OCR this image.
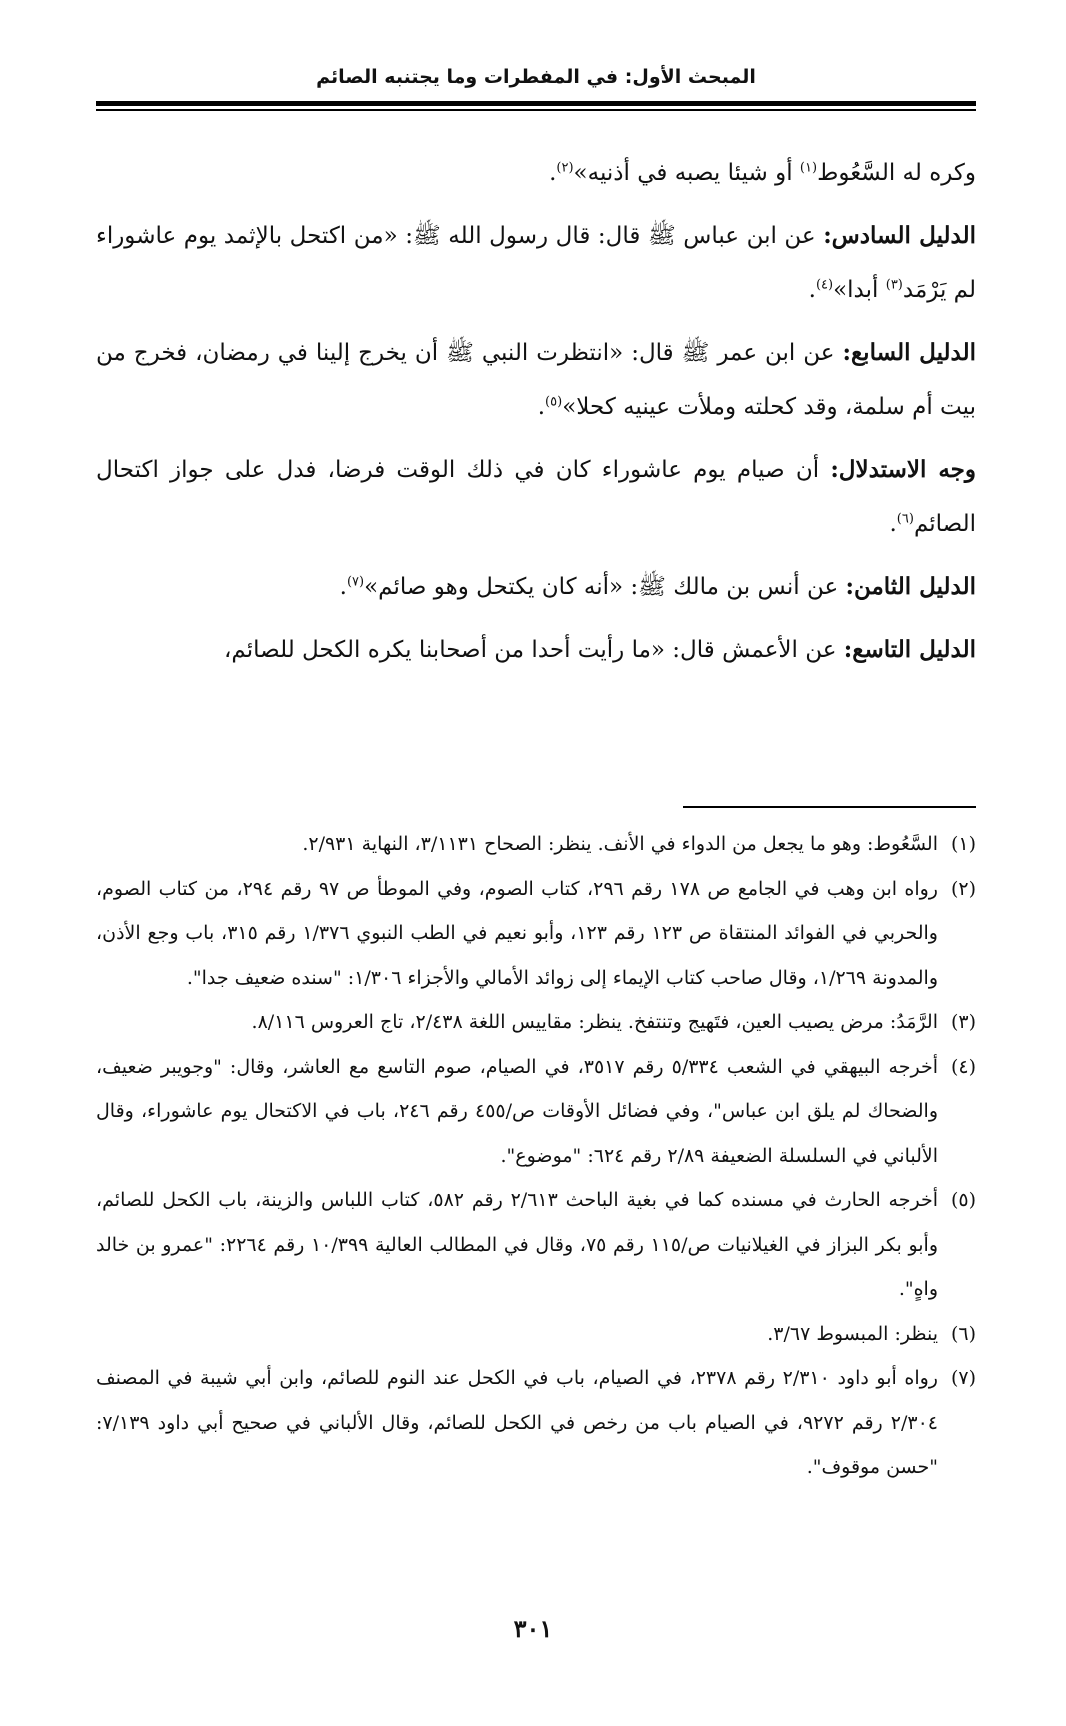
المبحث الأول: في المفطرات وما يجتنبه الصائم

وكره له السَّعُوط$^{(١)}$ أو شيئا يصبه في أذنيه»$^{(٢)}$.

الدليل السادس: عن ابن عباس ﷺ قال: قال رسول الله ﷺ: «من اكتحل بالإثمد يوم عاشوراء لم يَرْمَد$^{(٣)}$ أبدا»$^{(٤)}$.

الدليل السابع: عن ابن عمر ﷺ قال: «انتظرت النبي ﷺ أن يخرج إلينا في رمضان، فخرج من بيت أم سلمة، وقد كحلته وملأت عينيه كحلا»$^{(٥)}$.

وجه الاستدلال: أن صيام يوم عاشوراء كان في ذلك الوقت فرضا، فدل على جواز اكتحال الصائم$^{(٦)}$.

الدليل الثامن: عن أنس بن مالك ﷺ: «أنه كان يكتحل وهو صائم»$^{(٧)}$.

الدليل التاسع: عن الأعمش قال: «ما رأيت أحدا من أصحابنا يكره الكحل للصائم،

(١)
السَّعُوط: وهو ما يجعل من الدواء في الأنف. ينظر: الصحاح ٣/١١٣١، النهاية ٢/٩٣١.
(٢)
رواه ابن وهب في الجامع ص ١٧٨ رقم ٢٩٦، كتاب الصوم، وفي الموطأ ص ٩٧ رقم ٢٩٤، من كتاب الصوم، والحربي في الفوائد المنتقاة ص ١٢٣ رقم ١٢٣، وأبو نعيم في الطب النبوي ١/٣٧٦ رقم ٣١٥، باب وجع الأذن، والمدونة ١/٢٦٩، وقال صاحب كتاب الإيماء إلى زوائد الأمالي والأجزاء ١/٣٠٦: "سنده ضعيف جدا".
(٣)
الرَّمَدُ: مرض يصيب العين، فتَهيج وتنتفخ. ينظر: مقاييس اللغة ٢/٤٣٨، تاج العروس ٨/١١٦.
(٤)
أخرجه البيهقي في الشعب ٥/٣٣٤ رقم ٣٥١٧، في الصيام، صوم التاسع مع العاشر، وقال: "وجويبر ضعيف، والضحاك لم يلق ابن عباس"، وفي فضائل الأوقات ص/٤٥٥ رقم ٢٤٦، باب في الاكتحال يوم عاشوراء، وقال الألباني في السلسلة الضعيفة ٢/٨٩ رقم ٦٢٤: "موضوع".
(٥)
أخرجه الحارث في مسنده كما في بغية الباحث ٢/٦١٣ رقم ٥٨٢، كتاب اللباس والزينة، باب الكحل للصائم، وأبو بكر البزاز في الغيلانيات ص/١١٥ رقم ٧٥، وقال في المطالب العالية ١٠/٣٩٩ رقم ٢٢٦٤: "عمرو بن خالد واهٍ".
(٦)
ينظر: المبسوط ٣/٦٧.
(٧)
رواه أبو داود ٢/٣١٠ رقم ٢٣٧٨، في الصيام، باب في الكحل عند النوم للصائم، وابن أبي شيبة في المصنف ٢/٣٠٤ رقم ٩٢٧٢، في الصيام باب من رخص في الكحل للصائم، وقال الألباني في صحيح أبي داود ٧/١٣٩: "حسن موقوف".
٣٠١
